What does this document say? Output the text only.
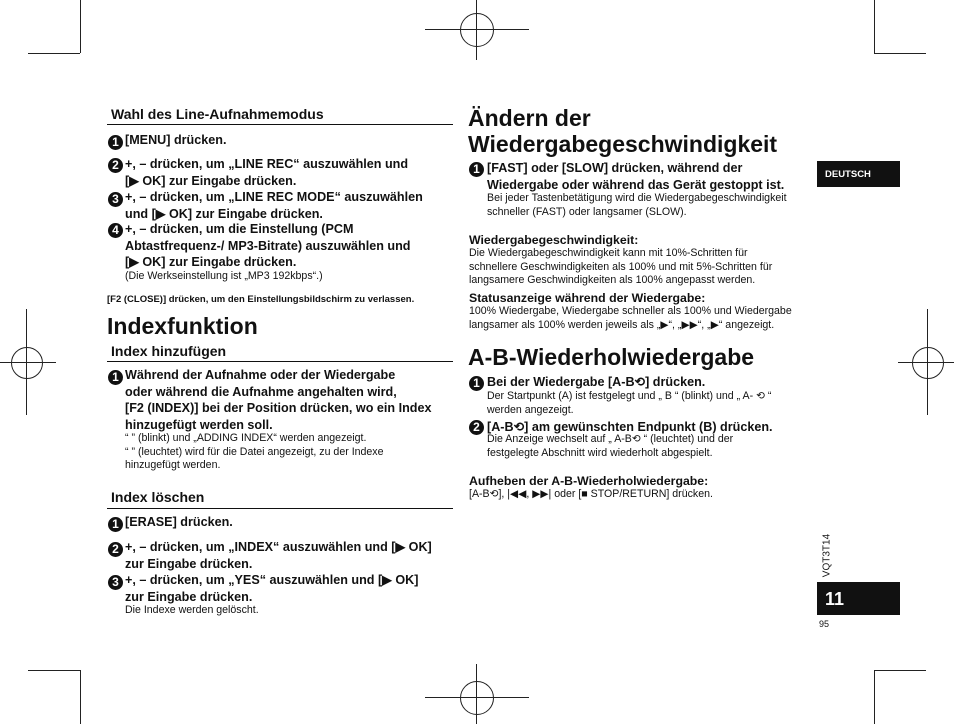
DEUTSCH
VQT3T14
11
95
Wahl des Line-Aufnahmemodus
1 [MENU] drücken.
2 +, – drücken, um „LINE REC“ auszuwählen und
[▶ OK] zur Eingabe drücken.
3 +, – drücken, um „LINE REC MODE“ auszuwählen
und [▶ OK] zur Eingabe drücken.
4 +, – drücken, um die Einstellung (PCM
Abtastfrequenz-/ MP3-Bitrate) auszuwählen und
[▶ OK] zur Eingabe drücken.
(Die Werkseinstellung ist „MP3 192kbps“.)
[F2 (CLOSE)] drücken, um den Einstellungsbildschirm zu verlassen.
Indexfunktion
Index hinzufügen
1 Während der Aufnahme oder der Wiedergabe
oder während die Aufnahme angehalten wird,
[F2 (INDEX)] bei der Position drücken, wo ein Index
hinzugefügt werden soll.
“ ” (blinkt) und „ADDING INDEX“ werden angezeigt.
“ ” (leuchtet) wird für die Datei angezeigt, zu der Indexe
hinzugefügt werden.
Index löschen
1 [ERASE] drücken.
2 +, – drücken, um „INDEX“ auszuwählen und [▶ OK]
zur Eingabe drücken.
3 +, – drücken, um „YES“ auszuwählen und [▶ OK]
zur Eingabe drücken.
Die Indexe werden gelöscht.
Ändern der
Wiedergabegeschwindigkeit
1 [FAST] oder [SLOW] drücken, während der
Wiedergabe oder während das Gerät gestoppt ist.
Bei jeder Tastenbetätigung wird die Wiedergabegeschwindigkeit
schneller (FAST) oder langsamer (SLOW).
Wiedergabegeschwindigkeit:
Die Wiedergabegeschwindigkeit kann mit 10%-Schritten für
schnellere Geschwindigkeiten als 100% und mit 5%-Schritten für
langsamere Geschwindigkeiten als 100% angepasst werden.
Statusanzeige während der Wiedergabe:
100% Wiedergabe, Wiedergabe schneller als 100% und Wiedergabe
langsamer als 100% werden jeweils als „▶“, „▶▶“, „▶“ angezeigt.
A-B-Wiederholwiedergabe
1 Bei der Wiedergabe [A-B⟲] drücken.
Der Startpunkt (A) ist festgelegt und „ B “ (blinkt) und „ A- ⟲ “
werden angezeigt.
2 [A-B⟲] am gewünschten Endpunkt (B) drücken.
Die Anzeige wechselt auf „ A-B⟲ “ (leuchtet) und der
festgelegte Abschnitt wird wiederholt abgespielt.
Aufheben der A-B-Wiederholwiedergabe:
[A-B⟲], |◀◀, ▶▶| oder [■ STOP/RETURN] drücken.
